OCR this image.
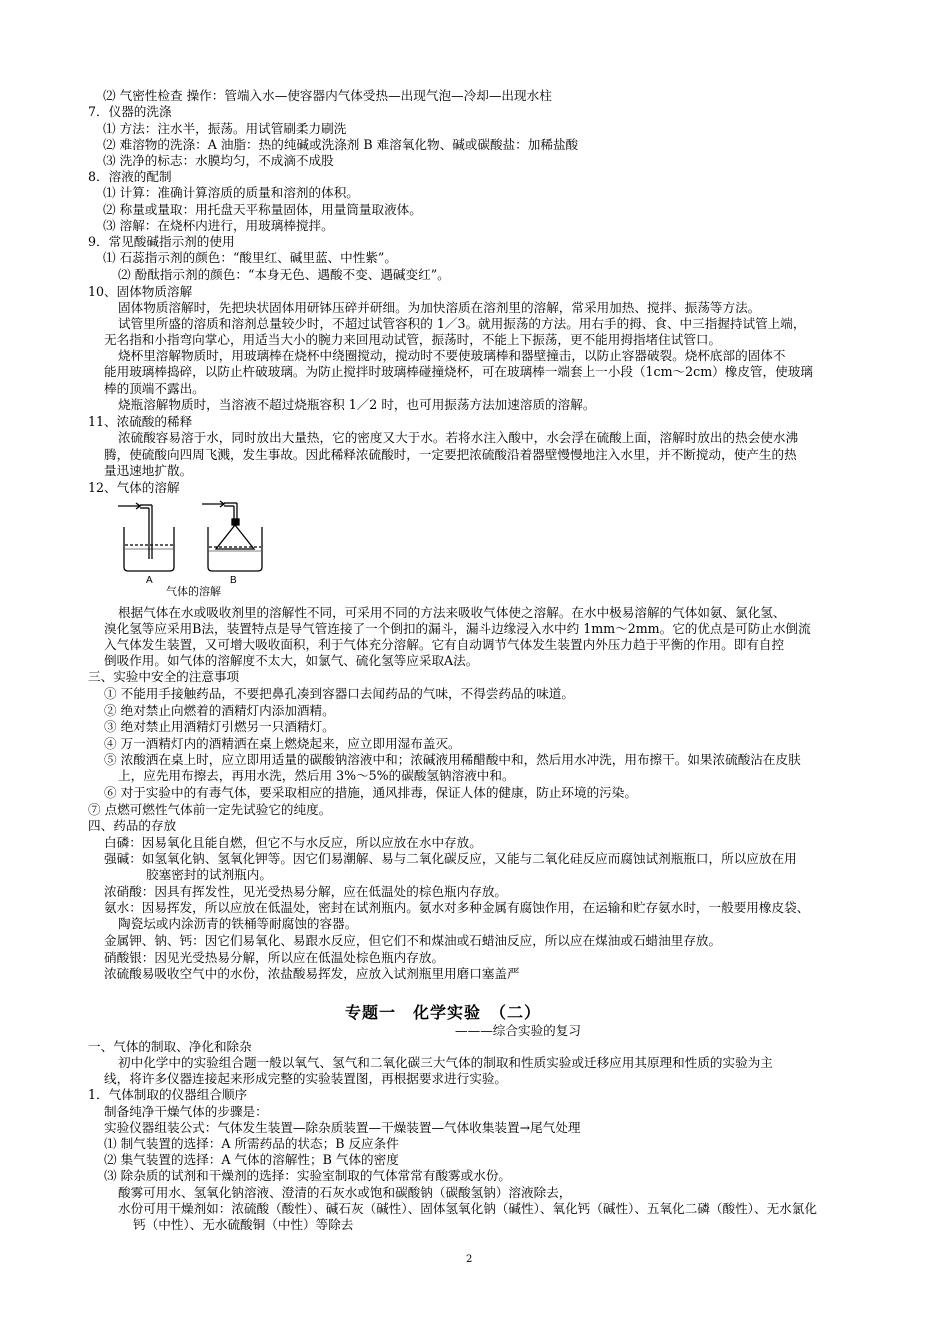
⑵ 气密性检查 操作：管端入水—使容器内气体受热—出现气泡—冷却—出现水柱
7．仪器的洗涤
⑴ 方法：注水半，振荡。用试管刷柔力刷洗
⑵ 难溶物的洗涤：A 油脂：热的纯碱或洗涤剂 B 难溶氧化物、碱或碳酸盐：加稀盐酸
⑶ 洗净的标志：水膜均匀，不成滴不成股
8．溶液的配制
⑴ 计算：准确计算溶质的质量和溶剂的体积。
⑵ 称量或量取：用托盘天平称量固体，用量筒量取液体。
⑶ 溶解：在烧杯内进行，用玻璃棒搅拌。
9．常见酸碱指示剂的使用
⑴ 石蕊指示剂的颜色：“酸里红、碱里蓝、中性紫”。
⑵ 酚酞指示剂的颜色：“本身无色、遇酸不变、遇碱变红”。
10、固体物质溶解
固体物质溶解时，先把块状固体用研钵压碎并研细。为加快溶质在溶剂里的溶解，常采用加热、搅拌、振荡等方法。
试管里所盛的溶质和溶剂总量较少时，不超过试管容积的 1／3。就用振荡的方法。用右手的拇、食、中三指握持试管上端，
无名指和小指弯向掌心，用适当大小的腕力来回甩动试管，振荡时，不能上下振荡，更不能用拇指堵住试管口。
烧杯里溶解物质时，用玻璃棒在烧杯中绕圈搅动，搅动时不要使玻璃棒和器壁撞击，以防止容器破裂。烧杯底部的固体不
能用玻璃棒捣碎，以防止杵破玻璃。为防止搅拌时玻璃棒碰撞烧杯，可在玻璃棒一端套上一小段（1cm～2cm）橡皮管，使玻璃
棒的顶端不露出。
烧瓶溶解物质时，当溶液不超过烧瓶容积 1／2 时，也可用振荡方法加速溶质的溶解。
11、浓硫酸的稀释
浓硫酸容易溶于水，同时放出大量热，它的密度又大于水。若将水注入酸中，水会浮在硫酸上面，溶解时放出的热会使水沸
腾，使硫酸向四周飞溅，发生事故。因此稀释浓硫酸时，一定要把浓硫酸沿着器壁慢慢地注入水里，并不断搅动，使产生的热
量迅速地扩散。
12、气体的溶解
A	B
气体的溶解
根据气体在水或吸收剂里的溶解性不同，可采用不同的方法来吸收气体使之溶解。在水中极易溶解的气体如氨、氯化氢、
溴化氢等应采用B法，装置特点是导气管连接了一个倒扣的漏斗，漏斗边缘浸入水中约 1mm～2mm。它的优点是可防止水倒流
入气体发生装置，又可增大吸收面积，利于气体充分溶解。它有自动调节气体发生装置内外压力趋于平衡的作用。即有自控
倒吸作用。如气体的溶解度不太大，如氯气、硫化氢等应采取A法。
三、实验中安全的注意事项
① 不能用手接触药品，不要把鼻孔凑到容器口去闻药品的气味，不得尝药品的味道。
② 绝对禁止向燃着的酒精灯内添加酒精。
③ 绝对禁止用酒精灯引燃另一只酒精灯。
④ 万一酒精灯内的酒精洒在桌上燃烧起来，应立即用湿布盖灭。
⑤ 浓酸洒在桌上时，应立即用适量的碳酸钠溶液中和；浓碱液用稀醋酸中和，然后用水冲洗，用布擦干。如果浓硫酸沾在皮肤
上，应先用布擦去，再用水洗，然后用 3%～5%的碳酸氢钠溶液中和。
⑥ 对于实验中的有毒气体，要采取相应的措施，通风排毒，保证人体的健康，防止环境的污染。
⑦ 点燃可燃性气体前一定先试验它的纯度。
四、药品的存放
白磷：因易氧化且能自燃，但它不与水反应，所以应放在水中存放。
强碱：如氢氧化钠、氢氧化钾等。因它们易潮解、易与二氧化碳反应，又能与二氧化硅反应而腐蚀试剂瓶瓶口，所以应放在用
胶塞密封的试剂瓶内。
浓硝酸：因具有挥发性，见光受热易分解，应在低温处的棕色瓶内存放。
氨水：因易挥发，所以应放在低温处，密封在试剂瓶内。氨水对多种金属有腐蚀作用，在运输和贮存氨水时，一般要用橡皮袋、
陶瓷坛或内涂沥青的铁桶等耐腐蚀的容器。
金属钾、钠、钙：因它们易氧化、易跟水反应，但它们不和煤油或石蜡油反应，所以应在煤油或石蜡油里存放。
硝酸银：因见光受热易分解，所以应在低温处棕色瓶内存放。
浓硫酸易吸收空气中的水份，浓盐酸易挥发，应放入试剂瓶里用磨口塞盖严
专题一　化学实验　（二）
———综合实验的复习
一、气体的制取、净化和除杂
初中化学中的实验组合题一般以氧气、氢气和二氧化碳三大气体的制取和性质实验或迁移应用其原理和性质的实验为主
线，将许多仪器连接起来形成完整的实验装置图，再根据要求进行实验。
1．气体制取的仪器组合顺序
制备纯净干燥气体的步骤是：
实验仪器组装公式：气体发生装置—除杂质装置—干燥装置—气体收集装置→尾气处理
⑴ 制气装置的选择：A 所需药品的状态；B 反应条件
⑵ 集气装置的选择：A 气体的溶解性；B 气体的密度
⑶ 除杂质的试剂和干燥剂的选择：实验室制取的气体常常有酸雾或水份。
酸雾可用水、氢氧化钠溶液、澄清的石灰水或饱和碳酸钠（碳酸氢钠）溶液除去，
水份可用干燥剂如：浓硫酸（酸性）、碱石灰（碱性）、固体氢氧化钠（碱性）、氧化钙（碱性）、五氧化二磷（酸性）、无水氯化
钙（中性）、无水硫酸铜（中性）等除去
2
